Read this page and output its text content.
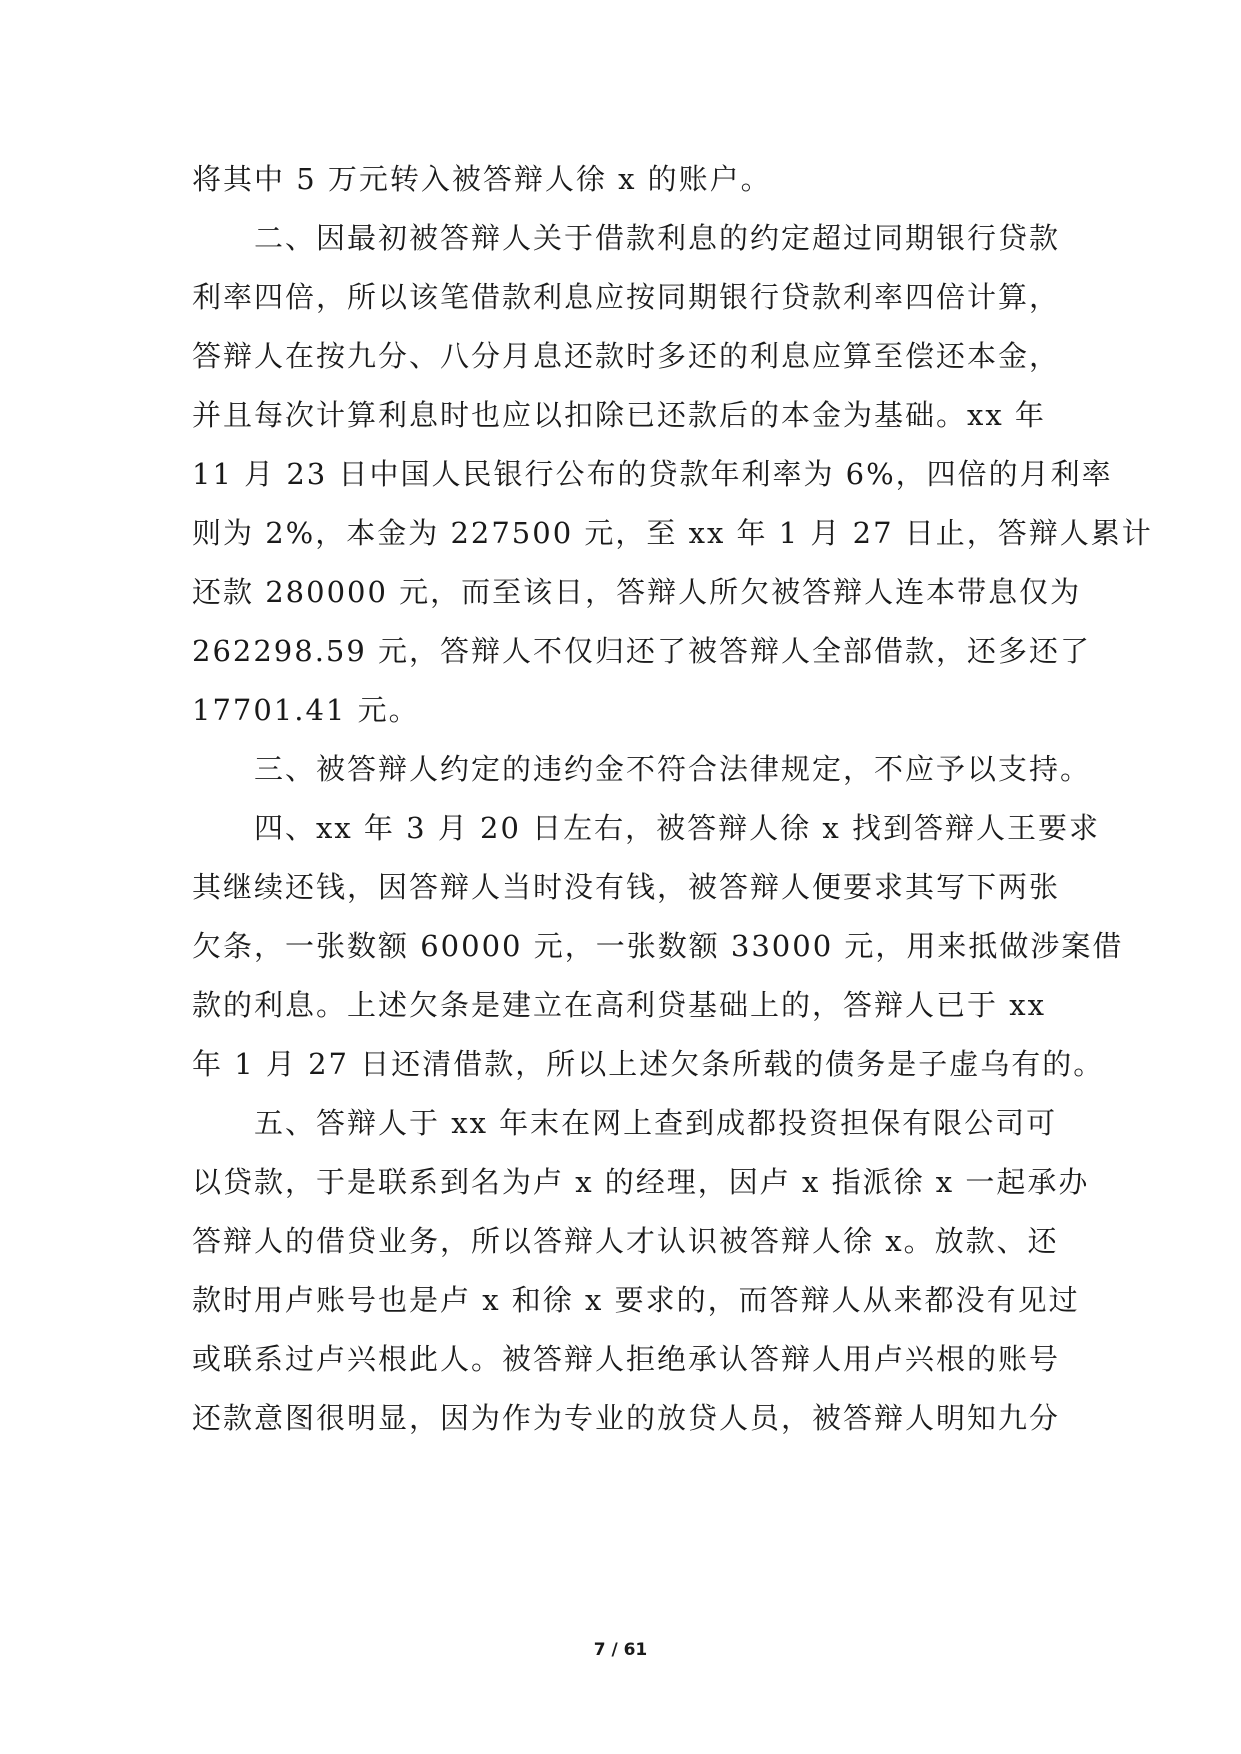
将其中 5 万元转入被答辩人徐 x 的账户。
二、因最初被答辩人关于借款利息的约定超过同期银行贷款
利率四倍，所以该笔借款利息应按同期银行贷款利率四倍计算，
答辩人在按九分、八分月息还款时多还的利息应算至偿还本金，
并且每次计算利息时也应以扣除已还款后的本金为基础。xx 年
11 月 23 日中国人民银行公布的贷款年利率为 6%，四倍的月利率
则为 2%，本金为 227500 元，至 xx 年 1 月 27 日止，答辩人累计
还款 280000 元，而至该日，答辩人所欠被答辩人连本带息仅为
262298.59 元，答辩人不仅归还了被答辩人全部借款，还多还了
17701.41 元。
三、被答辩人约定的违约金不符合法律规定，不应予以支持。
四、xx 年 3 月 20 日左右，被答辩人徐 x 找到答辩人王要求
其继续还钱，因答辩人当时没有钱，被答辩人便要求其写下两张
欠条，一张数额 60000 元，一张数额 33000 元，用来抵做涉案借
款的利息。上述欠条是建立在高利贷基础上的，答辩人已于 xx
年 1 月 27 日还清借款，所以上述欠条所载的债务是子虚乌有的。
五、答辩人于 xx 年末在网上查到成都投资担保有限公司可
以贷款，于是联系到名为卢 x 的经理，因卢 x 指派徐 x 一起承办
答辩人的借贷业务，所以答辩人才认识被答辩人徐 x。放款、还
款时用卢账号也是卢 x 和徐 x 要求的，而答辩人从来都没有见过
或联系过卢兴根此人。被答辩人拒绝承认答辩人用卢兴根的账号
还款意图很明显，因为作为专业的放贷人员，被答辩人明知九分
7 / 61
